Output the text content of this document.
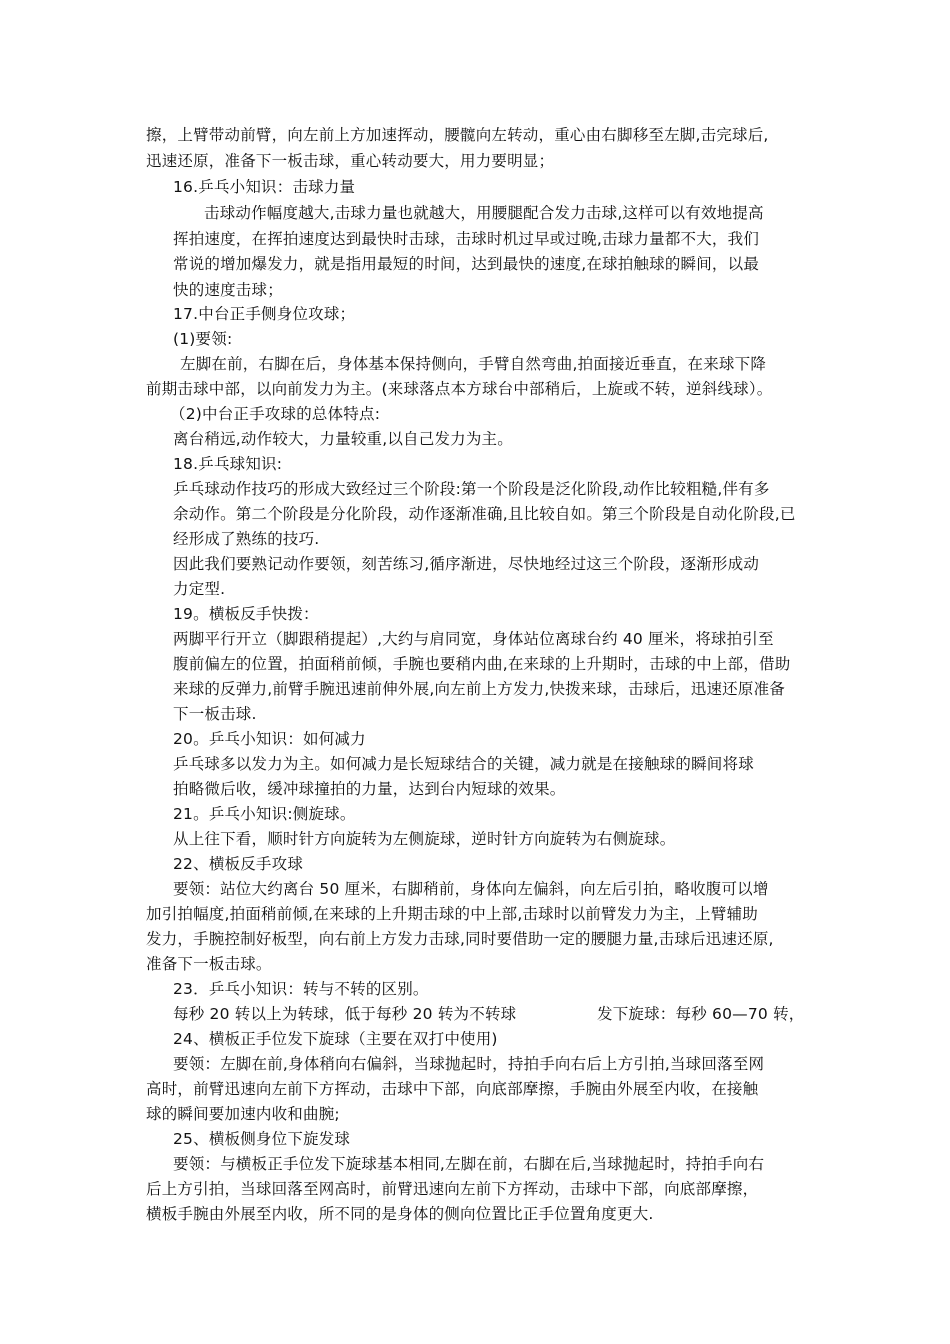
擦，上臂带动前臂，向左前上方加速挥动，腰髋向左转动，重心由右脚移至左脚,击完球后,

迅速还原，准备下一板击球，重心转动要大，用力要明显；

16.乒乓小知识：击球力量

击球动作幅度越大,击球力量也就越大，用腰腿配合发力击球,这样可以有效地提高

挥拍速度，在挥拍速度达到最快时击球，击球时机过早或过晚,击球力量都不大，我们

常说的增加爆发力，就是指用最短的时间，达到最快的速度,在球拍触球的瞬间，以最

快的速度击球；

17.中台正手侧身位攻球；

(1)要领:

左脚在前，右脚在后，身体基本保持侧向，手臂自然弯曲,拍面接近垂直，在来球下降

前期击球中部，以向前发力为主。(来球落点本方球台中部稍后，上旋或不转，逆斜线球）。

（2)中台正手攻球的总体特点:

离台稍远,动作较大，力量较重,以自己发力为主。

18.乒乓球知识:

乒乓球动作技巧的形成大致经过三个阶段:第一个阶段是泛化阶段,动作比较粗糙,伴有多

余动作。第二个阶段是分化阶段，动作逐渐准确,且比较自如。第三个阶段是自动化阶段,已

经形成了熟练的技巧.

因此我们要熟记动作要领，刻苦练习,循序渐进，尽快地经过这三个阶段，逐渐形成动

力定型.

19。横板反手快拨：

两脚平行开立（脚跟稍提起）,大约与肩同宽，身体站位离球台约 40 厘米，将球拍引至

腹前偏左的位置，拍面稍前倾，手腕也要稍内曲,在来球的上升期时，击球的中上部，借助

来球的反弹力,前臂手腕迅速前伸外展,向左前上方发力,快拨来球，击球后，迅速还原准备

下一板击球.

20。乒乓小知识：如何减力

乒乓球多以发力为主。如何减力是长短球结合的关键，减力就是在接触球的瞬间将球

拍略微后收，缓冲球撞拍的力量，达到台内短球的效果。

21。乒乓小知识:侧旋球。

从上往下看，顺时针方向旋转为左侧旋球，逆时针方向旋转为右侧旋球。

22、横板反手攻球

要领：站位大约离台 50 厘米，右脚稍前，身体向左偏斜，向左后引拍，略收腹可以增

加引拍幅度,拍面稍前倾,在来球的上升期击球的中上部,击球时以前臂发力为主，上臂辅助

发力，手腕控制好板型，向右前上方发力击球,同时要借助一定的腰腿力量,击球后迅速还原,

准备下一板击球。

23．乒乓小知识：转与不转的区别。

每秒 20 转以上为转球，低于每秒 20 转为不转球	发下旋球：每秒 60—70 转，

24、横板正手位发下旋球（主要在双打中使用)

要领：左脚在前,身体稍向右偏斜，当球抛起时，持拍手向右后上方引拍,当球回落至网

高时，前臂迅速向左前下方挥动，击球中下部，向底部摩擦，手腕由外展至内收，在接触

球的瞬间要加速内收和曲腕;

25、横板侧身位下旋发球

要领：与横板正手位发下旋球基本相同,左脚在前，右脚在后,当球抛起时，持拍手向右

后上方引拍，当球回落至网高时，前臂迅速向左前下方挥动，击球中下部，向底部摩擦，

横板手腕由外展至内收，所不同的是身体的侧向位置比正手位置角度更大.
